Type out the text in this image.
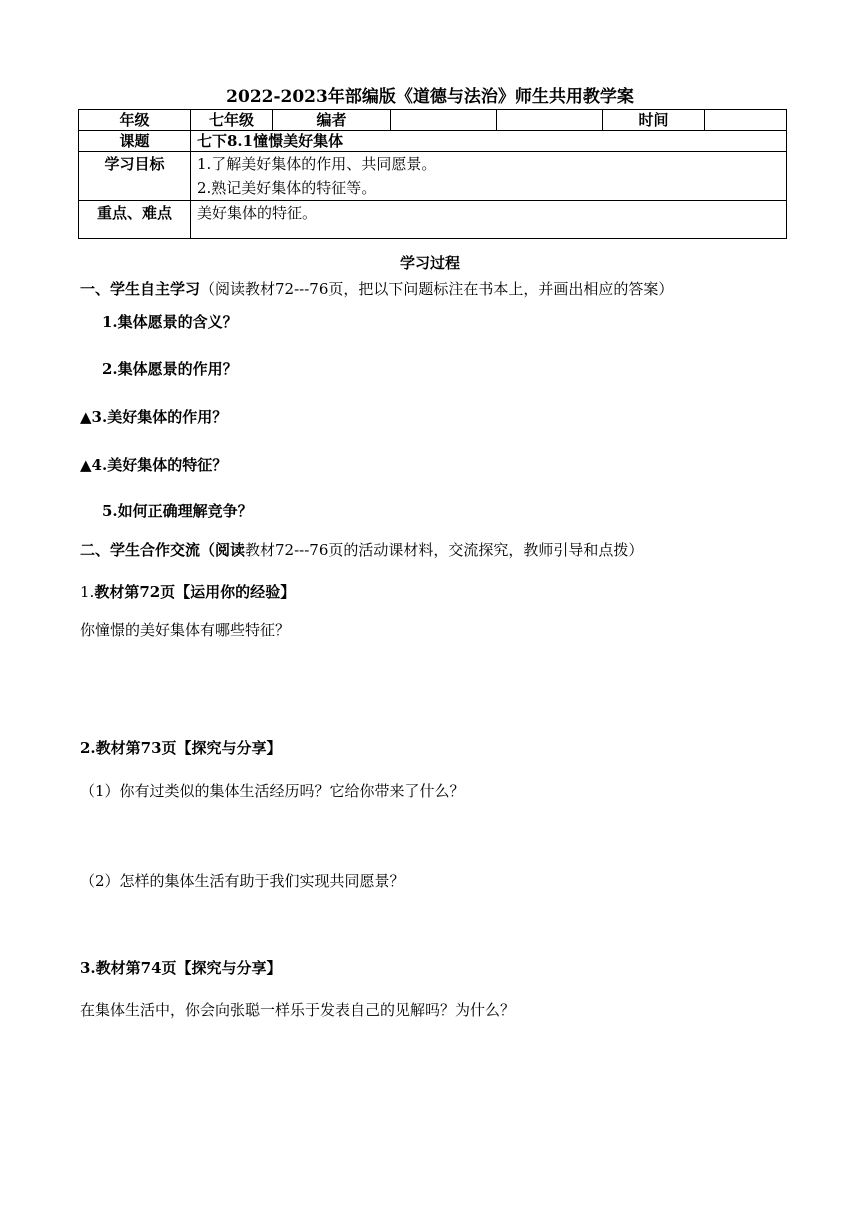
2022-2023年部编版《道德与法治》师生共用教学案
年级	七年级	编者			时间	
课题	七下8.1憧憬美好集体					
学习目标	1.了解美好集体的作用、共同愿景。
2.熟记美好集体的特征等。					

重点、难点	美好集体的特征。					
学习过程
一、学生自主学习（阅读教材72---76页，把以下问题标注在书本上，并画出相应的答案）
1.集体愿景的含义？
2.集体愿景的作用？
▲3.美好集体的作用？
▲4.美好集体的特征？
5.如何正确理解竞争？
二、学生合作交流（阅读教材72---76页的活动课材料，交流探究，教师引导和点拨）
1.教材第72页【运用你的经验】
你憧憬的美好集体有哪些特征？
2.教材第73页【探究与分享】
（1）你有过类似的集体生活经历吗？它给你带来了什么？
（2）怎样的集体生活有助于我们实现共同愿景？
3.教材第74页【探究与分享】
在集体生活中，你会向张聪一样乐于发表自己的见解吗？为什么？
